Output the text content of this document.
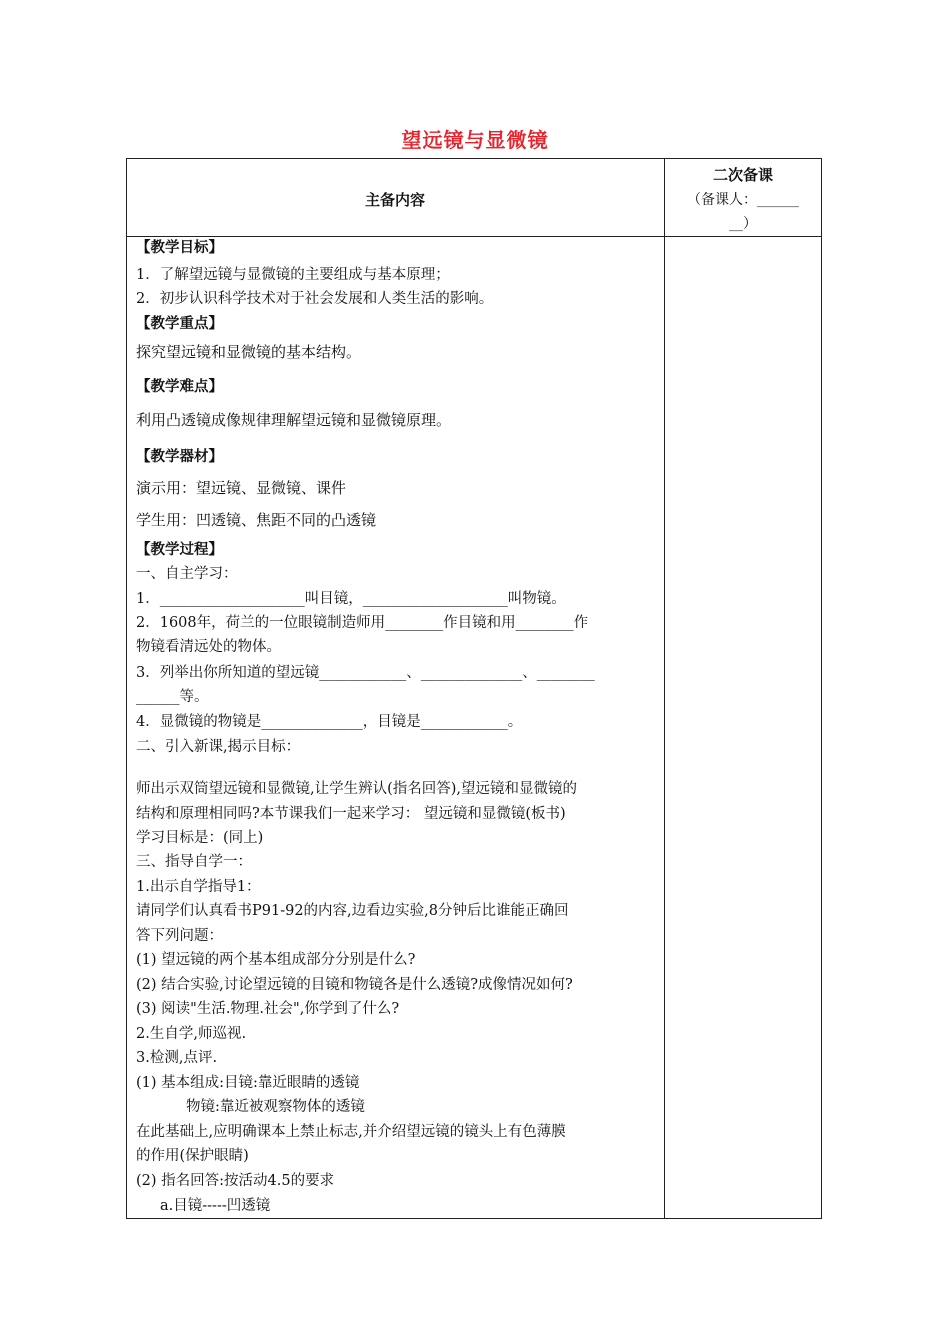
望远镜与显微镜
主备内容
二次备课
（备课人：______
__）
【教学目标】
1．了解望远镜与显微镜的主要组成与基本原理；
2．初步认识科学技术对于社会发展和人类生活的影响。
【教学重点】
探究望远镜和显微镜的基本结构。
【教学难点】
利用凸透镜成像规律理解望远镜和显微镜原理。
【教学器材】
演示用：望远镜、显微镜、课件
学生用：凹透镜、焦距不同的凸透镜
【教学过程】
一、自主学习：
1．____________________叫目镜，____________________叫物镜。
2．1608年，荷兰的一位眼镜制造师用________作目镜和用________作
物镜看清远处的物体。
3．列举出你所知道的望远镜____________、______________、________
______等。
4．显微镜的物镜是______________，目镜是____________。
二、引入新课,揭示目标：
师出示双筒望远镜和显微镜,让学生辨认(指名回答),望远镜和显微镜的
结构和原理相同吗?本节课我们一起来学习： 望远镜和显微镜(板书)
学习目标是：(同上)
三、指导自学一：
1.出示自学指导1：
请同学们认真看书P91-92的内容,边看边实验,8分钟后比谁能正确回
答下列问题：
(1) 望远镜的两个基本组成部分分别是什么?
(2) 结合实验,讨论望远镜的目镜和物镜各是什么透镜?成像情况如何?
(3) 阅读"生活.物理.社会",你学到了什么?
2.生自学,师巡视.
3.检测,点评.
(1) 基本组成:目镜:靠近眼睛的透镜
物镜:靠近被观察物体的透镜
在此基础上,应明确课本上禁止标志,并介绍望远镜的镜头上有色薄膜
的作用(保护眼睛)
(2) 指名回答:按活动4.5的要求
a.目镜-----凹透镜
